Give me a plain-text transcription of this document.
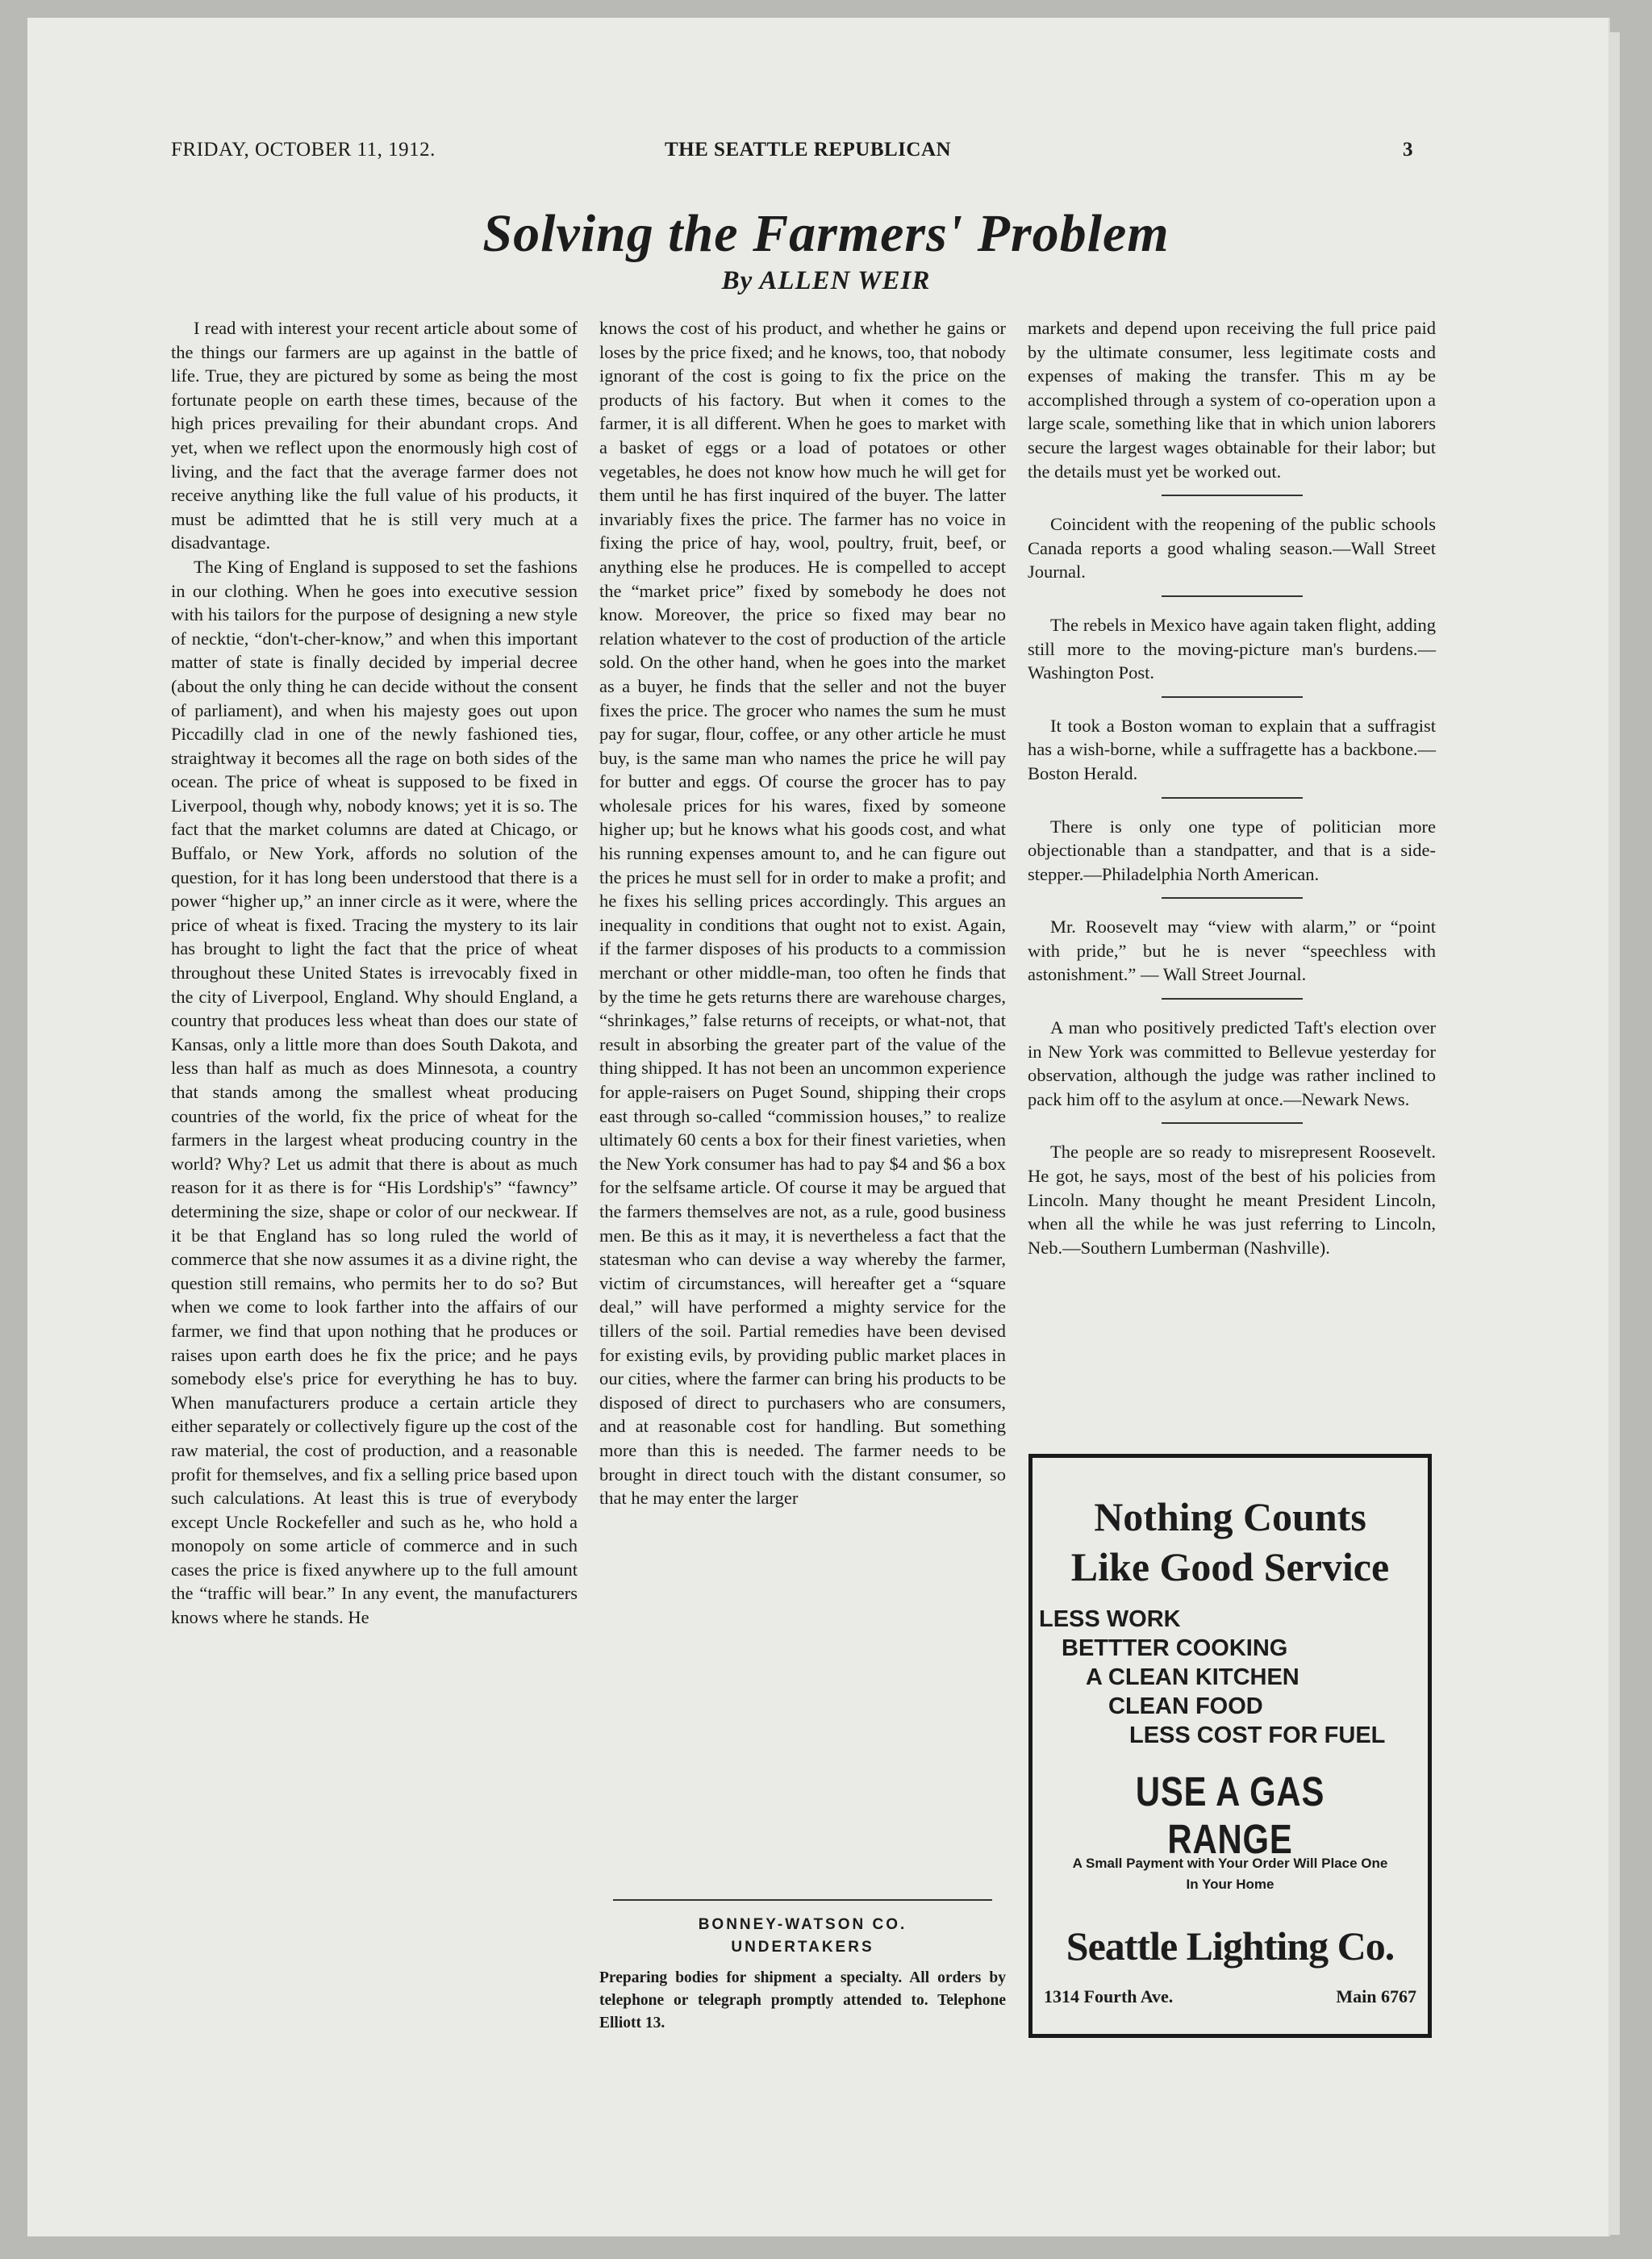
FRIDAY, OCTOBER 11, 1912.	THE SEATTLE REPUBLICAN	3
Solving the Farmers' Problem
By ALLEN WEIR

I read with interest your recent article about some of the things our farmers are up against in the battle of life. True, they are pictured by some as being the most fortunate people on earth these times, because of the high prices prevailing for their abundant crops. And yet, when we reflect upon the enormously high cost of living, and the fact that the average farmer does not receive anything like the full value of his products, it must be adimtted that he is still very much at a disadvantage.

The King of England is supposed to set the fashions in our clothing. When he goes into executive session with his tailors for the purpose of designing a new style of necktie, “don't-cher-know,” and when this important matter of state is finally decided by imperial decree (about the only thing he can decide without the consent of parliament), and when his majesty goes out upon Piccadilly clad in one of the newly fashioned ties, straightway it becomes all the rage on both sides of the ocean. The price of wheat is supposed to be fixed in Liverpool, though why, nobody knows; yet it is so. The fact that the market columns are dated at Chicago, or Buffalo, or New York, affords no solution of the question, for it has long been understood that there is a power “higher up,” an inner circle as it were, where the price of wheat is fixed. Tracing the mystery to its lair has brought to light the fact that the price of wheat throughout these United States is irrevocably fixed in the city of Liverpool, England. Why should England, a country that produces less wheat than does our state of Kansas, only a little more than does South Dakota, and less than half as much as does Minnesota, a country that stands among the smallest wheat producing countries of the world, fix the price of wheat for the farmers in the largest wheat producing country in the world? Why? Let us admit that there is about as much reason for it as there is for “His Lordship's” “fawncy” determining the size, shape or color of our neckwear. If it be that England has so long ruled the world of commerce that she now assumes it as a divine right, the question still remains, who permits her to do so? But when we come to look farther into the affairs of our farmer, we find that upon nothing that he produces or raises upon earth does he fix the price; and he pays somebody else's price for everything he has to buy. When manufacturers produce a certain article they either separately or collectively figure up the cost of the raw material, the cost of production, and a reasonable profit for themselves, and fix a selling price based upon such calculations. At least this is true of everybody except Uncle Rockefeller and such as he, who hold a monopoly on some article of commerce and in such cases the price is fixed anywhere up to the full amount the “traffic will bear.” In any event, the manufacturers knows where he stands. He

knows the cost of his product, and whether he gains or loses by the price fixed; and he knows, too, that nobody ignorant of the cost is going to fix the price on the products of his factory. But when it comes to the farmer, it is all different. When he goes to market with a basket of eggs or a load of potatoes or other vegetables, he does not know how much he will get for them until he has first inquired of the buyer. The latter invariably fixes the price. The farmer has no voice in fixing the price of hay, wool, poultry, fruit, beef, or anything else he produces. He is compelled to accept the “market price” fixed by somebody he does not know. Moreover, the price so fixed may bear no relation whatever to the cost of production of the article sold. On the other hand, when he goes into the market as a buyer, he finds that the seller and not the buyer fixes the price. The grocer who names the sum he must pay for sugar, flour, coffee, or any other article he must buy, is the same man who names the price he will pay for butter and eggs. Of course the grocer has to pay wholesale prices for his wares, fixed by someone higher up; but he knows what his goods cost, and what his running expenses amount to, and he can figure out the prices he must sell for in order to make a profit; and he fixes his selling prices accordingly. This argues an inequality in conditions that ought not to exist. Again, if the farmer disposes of his products to a commission merchant or other middle-man, too often he finds that by the time he gets returns there are warehouse charges, “shrinkages,” false returns of receipts, or what-not, that result in absorbing the greater part of the value of the thing shipped. It has not been an uncommon experience for apple-raisers on Puget Sound, shipping their crops east through so-called “commission houses,” to realize ultimately 60 cents a box for their finest varieties, when the New York consumer has had to pay $4 and $6 a box for the selfsame article. Of course it may be argued that the farmers themselves are not, as a rule, good business men. Be this as it may, it is nevertheless a fact that the statesman who can devise a way whereby the farmer, victim of circumstances, will hereafter get a “square deal,” will have performed a mighty service for the tillers of the soil. Partial remedies have been devised for existing evils, by providing public market places in our cities, where the farmer can bring his products to be disposed of direct to purchasers who are consumers, and at reasonable cost for handling. But something more than this is needed. The farmer needs to be brought in direct touch with the distant consumer, so that he may enter the larger

markets and depend upon receiving the full price paid by the ultimate consumer, less legitimate costs and expenses of making the transfer. This m ay be accomplished through a system of co-operation upon a large scale, something like that in which union laborers secure the largest wages obtainable for their labor; but the details must yet be worked out.

Coincident with the reopening of the public schools Canada reports a good whaling season.—Wall Street Journal.

The rebels in Mexico have again taken flight, adding still more to the moving-picture man's burdens.—Washington Post.

It took a Boston woman to explain that a suffragist has a wish-borne, while a suffragette has a backbone.—Boston Herald.

There is only one type of politician more objectionable than a standpatter, and that is a side-stepper.—Philadelphia North American.

Mr. Roosevelt may “view with alarm,” or “point with pride,” but he is never “speechless with astonishment.” — Wall Street Journal.

A man who positively predicted Taft's election over in New York was committed to Bellevue yesterday for observation, although the judge was rather inclined to pack him off to the asylum at once.—Newark News.

The people are so ready to misrepresent Roosevelt. He got, he says, most of the best of his policies from Lincoln. Many thought he meant President Lincoln, when all the while he was just referring to Lincoln, Neb.—Southern Lumberman (Nashville).

BONNEY-WATSON CO.
UNDERTAKERS
Preparing bodies for shipment a specialty. All orders by telephone or telegraph promptly attended to. Telephone Elliott 13.
Nothing Counts
Like Good Service
LESS WORK
BETTTER COOKING
A CLEAN KITCHEN
CLEAN FOOD
LESS COST FOR FUEL
USE A GAS RANGE
A Small Payment with Your Order Will Place One
In Your Home
Seattle Lighting Co.
1314 Fourth Ave.	Main 6767
